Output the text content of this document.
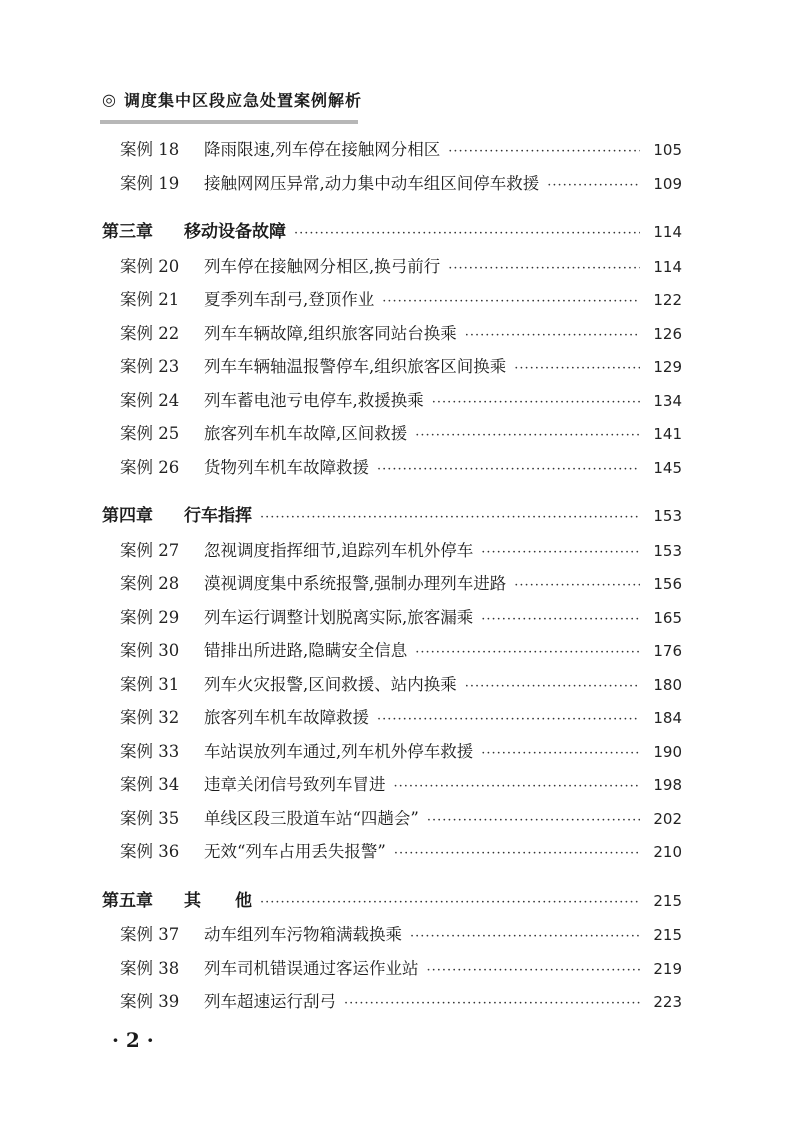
◎ 调度集中区段应急处置案例解析
案例 18	降雨限速,列车停在接触网分相区 ·····	105
案例 19	接触网网压异常,动力集中动车组区间停车救援 ·····	109
第三章	移动设备故障 ·····	114
案例 20	列车停在接触网分相区,换弓前行 ·····	114
案例 21	夏季列车刮弓,登顶作业 ·····	122
案例 22	列车车辆故障,组织旅客同站台换乘 ·····	126
案例 23	列车车辆轴温报警停车,组织旅客区间换乘 ·····	129
案例 24	列车蓄电池亏电停车,救援换乘 ·····	134
案例 25	旅客列车机车故障,区间救援 ·····	141
案例 26	货物列车机车故障救援 ·····	145
第四章	行车指挥 ·····	153
案例 27	忽视调度指挥细节,追踪列车机外停车 ·····	153
案例 28	漠视调度集中系统报警,强制办理列车进路 ·····	156
案例 29	列车运行调整计划脱离实际,旅客漏乘 ·····	165
案例 30	错排出所进路,隐瞒安全信息 ·····	176
案例 31	列车火灾报警,区间救援、站内换乘 ·····	180
案例 32	旅客列车机车故障救援 ·····	184
案例 33	车站误放列车通过,列车机外停车救援 ·····	190
案例 34	违章关闭信号致列车冒进 ·····	198
案例 35	单线区段三股道车站“四趟会” ·····	202
案例 36	无效“列车占用丢失报警” ·····	210
第五章	其　　他 ·····	215
案例 37	动车组列车污物箱满载换乘 ·····	215
案例 38	列车司机错误通过客运作业站 ·····	219
案例 39	列车超速运行刮弓 ·····	223
· 2 ·
